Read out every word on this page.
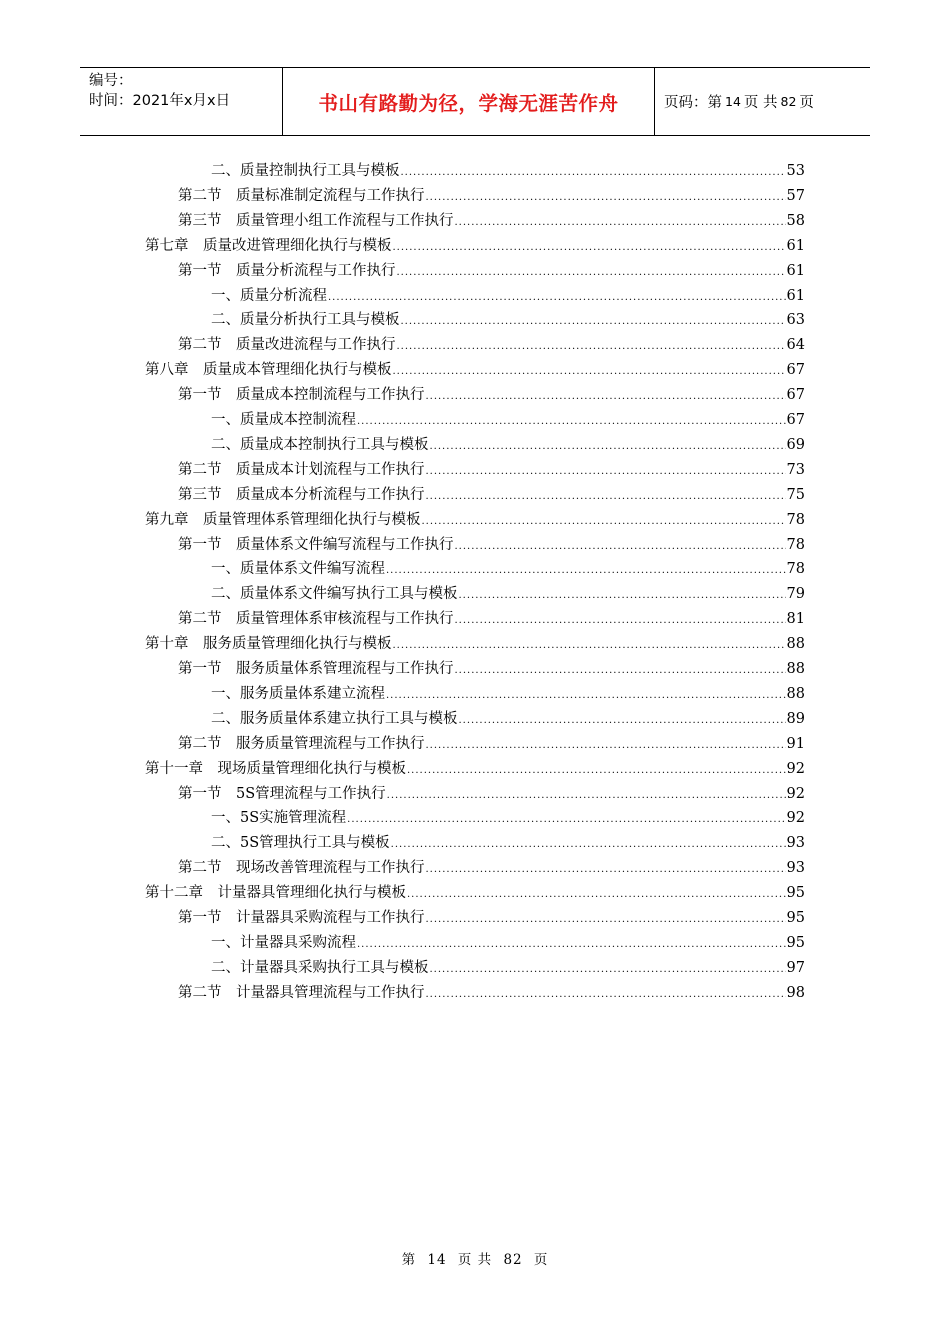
编号：
时间：2021年x月x日	书山有路勤为径，学海无涯苦作舟	页码：第 14 页 共 82 页
二、质量控制执行工具与模板 .....	53
第二节　质量标准制定流程与工作执行 .....	57
第三节　质量管理小组工作流程与工作执行 .....	58
第七章　质量改进管理细化执行与模板 .....	61
第一节　质量分析流程与工作执行 .....	61
一、质量分析流程 .....	61
二、质量分析执行工具与模板 .....	63
第二节　质量改进流程与工作执行 .....	64
第八章　质量成本管理细化执行与模板 .....	67
第一节　质量成本控制流程与工作执行 .....	67
一、质量成本控制流程 .....	67
二、质量成本控制执行工具与模板 .....	69
第二节　质量成本计划流程与工作执行 .....	73
第三节　质量成本分析流程与工作执行 .....	75
第九章　质量管理体系管理细化执行与模板 .....	78
第一节　质量体系文件编写流程与工作执行 .....	78
一、质量体系文件编写流程 .....	78
二、质量体系文件编写执行工具与模板 .....	79
第二节　质量管理体系审核流程与工作执行 .....	81
第十章　服务质量管理细化执行与模板 .....	88
第一节　服务质量体系管理流程与工作执行 .....	88
一、服务质量体系建立流程 .....	88
二、服务质量体系建立执行工具与模板 .....	89
第二节　服务质量管理流程与工作执行 .....	91
第十一章　现场质量管理细化执行与模板 .....	92
第一节　5S管理流程与工作执行 .....	92
一、5S实施管理流程 .....	92
二、5S管理执行工具与模板 .....	93
第二节　现场改善管理流程与工作执行 .....	93
第十二章　计量器具管理细化执行与模板 .....	95
第一节　计量器具采购流程与工作执行 .....	95
一、计量器具采购流程 .....	95
二、计量器具采购执行工具与模板 .....	97
第二节　计量器具管理流程与工作执行 .....	98
第 14 页 共 82 页
